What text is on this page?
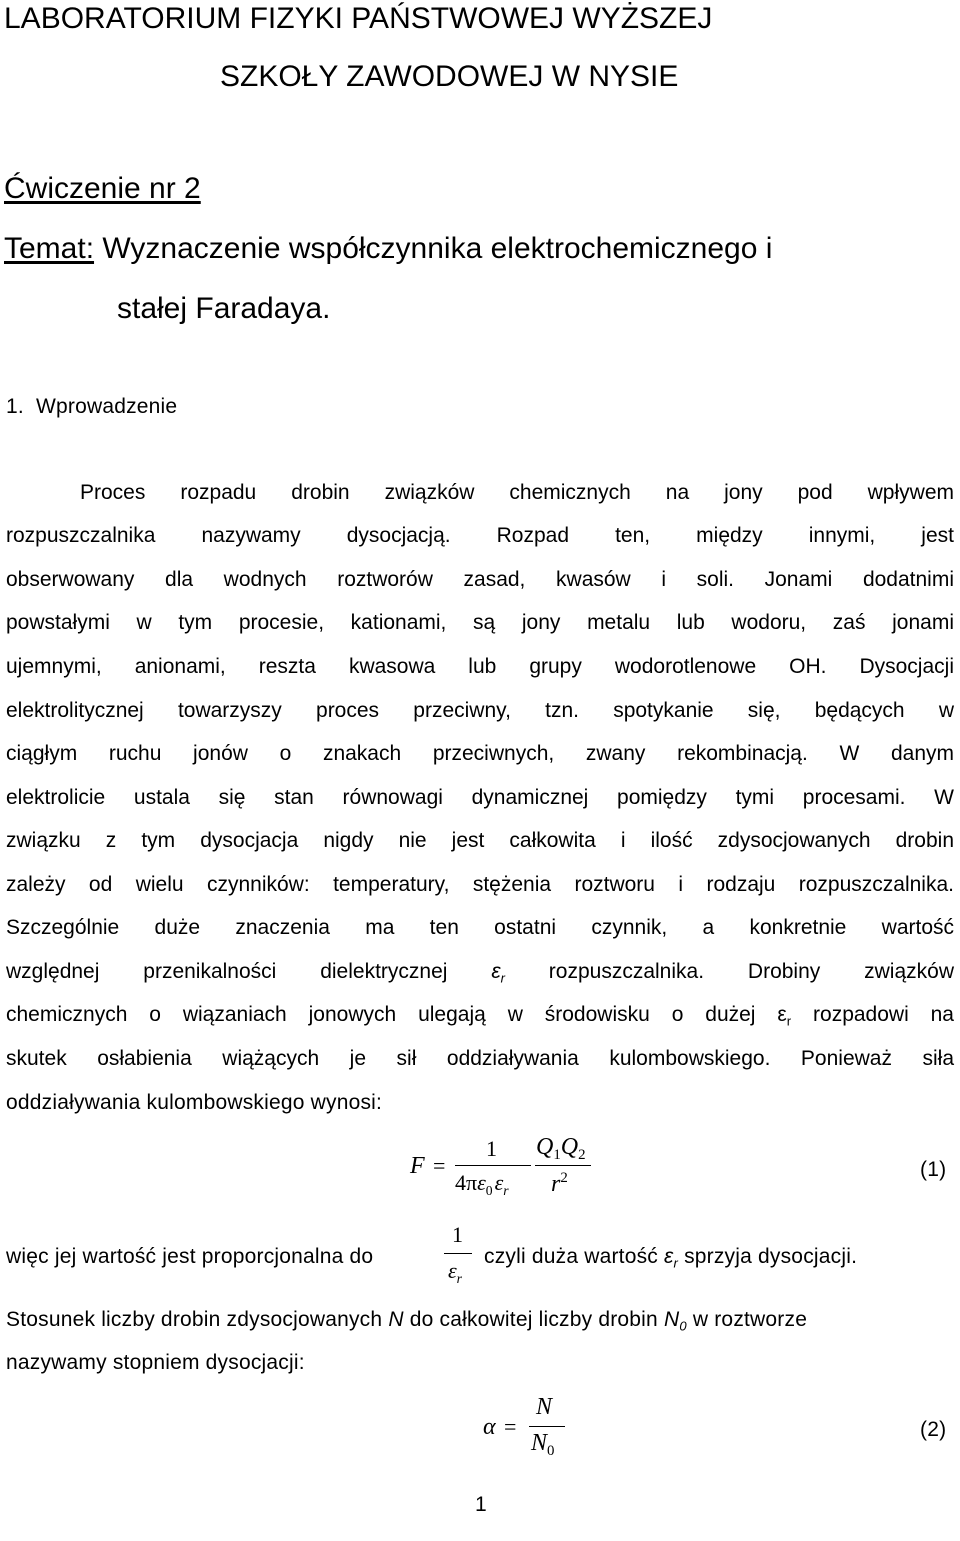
LABORATORIUM FIZYKI PAŃSTWOWEJ WYŻSZEJ
SZKOŁY ZAWODOWEJ W NYSIE
Ćwiczenie nr 2
Temat: Wyznaczenie współczynnika elektrochemicznego i
stałej Faradaya.
1. Wprowadzenie
Proces rozpadu drobin związków chemicznych na jony pod wpływem
rozpuszczalnika nazywamy dysocjacją. Rozpad ten, między innymi, jest
obserwowany dla wodnych roztworów zasad, kwasów i soli. Jonami dodatnimi
powstałymi w tym procesie, kationami, są jony metalu lub wodoru, zaś jonami
ujemnymi, anionami, reszta kwasowa lub grupy wodorotlenowe OH. Dysocjacji
elektrolitycznej towarzyszy proces przeciwny, tzn. spotykanie się, będących w
ciągłym ruchu jonów o znakach przeciwnych, zwany rekombinacją. W danym
elektrolicie ustala się stan równowagi dynamicznej pomiędzy tymi procesami. W
związku z tym dysocjacja nigdy nie jest całkowita i ilość zdysocjowanych drobin
zależy od wielu czynników: temperatury, stężenia roztworu i rodzaju rozpuszczalnika.
Szczególnie duże znaczenia ma ten ostatni czynnik, a konkretnie wartość
względnej przenikalności dielektrycznej $\varepsilon_r$ rozpuszczalnika. Drobiny związków
chemicznych o wiązaniach jonowych ulegają w środowisku o dużej $\varepsilon_r$ rozpadowi na
skutek osłabienia wiążących je sił oddziaływania kulombowskiego. Ponieważ siła
oddziaływania kulombowskiego wynosi:
F =
1
$4\pi\varepsilon_0\varepsilon_r$
$Q_1Q_2$
$r^2$	(1)
więc jej wartość jest proporcjonalna do
1
$\varepsilon_r$
czyli duża wartość $\varepsilon_r$ sprzyja dysocjacji.
Stosunek liczby drobin zdysocjowanych N do całkowitej liczby drobin $N_0$ w roztworze
nazywamy stopniem dysocjacji:
α =
N
$N_0$
(2)
1
